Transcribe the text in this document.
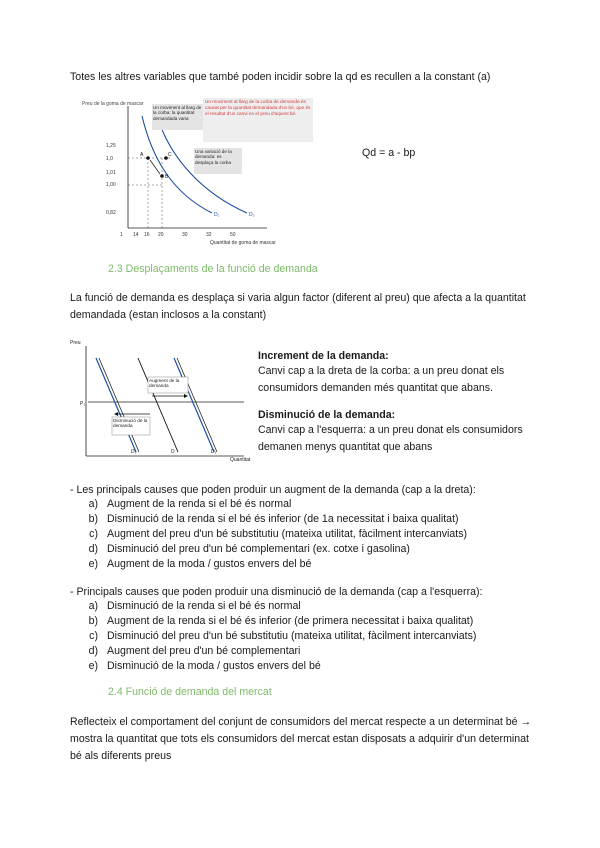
Totes les altres variables que també poden incidir sobre la qd es recullen a la constant (a)

Preu de la goma de mascar
1,25
1,0
1,01
1,00
0,82	D₁	D₂
A	C
B
1 14 16 20	30	32	50
Quantitat de goma de mascar
Un moviment al llarg de la corba: la quantitat demandada varia
Una variació de la demanda: es desplaça la corba
Un moviment al llarg de la corba de demanda és causat per la quantitat demandada d'un bé, que és el resultat d'un canvi en el preu d'aquest bé.

Qd = a - bp

2.3 Desplaçaments de la funció de demanda

La funció de demanda es desplaça si varia algun factor (diferent al preu) que afecta a la quantitat demandada (estan inclosos a la constant)

Preu
Quantitat
P₁
Augment de la demanda
Disminució de la demanda
D₂	D	D₁
Increment de la demanda:

Canvi cap a la dreta de la corba: a un preu donat els consumidors demanden més quantitat que abans.

Disminució de la demanda:

Canvi cap a l'esquerra: a un preu donat els consumidors demanen menys quantitat que abans

- Les principals causes que poden produir un augment de la demanda (cap a la dreta):

a) Augment de la renda si el bé és normal
b) Disminució de la renda si el bé és inferior (de 1a necessitat i baixa qualitat)
c) Augment del preu d'un bé substitutiu (mateixa utilitat, fàcilment intercanviats)
d) Disminució del preu d'un bé complementari (ex. cotxe i gasolina)
e) Augment de la moda / gustos envers del bé

- Principals causes que poden produir una disminució de la demanda (cap a l'esquerra):

a) Disminució de la renda si el bé és normal
b) Augment de la renda si el bé és inferior (de primera necessitat i baixa qualitat)
c) Disminució del preu d'un bé substitutiu (mateixa utilitat, fàcilment intercanviats)
d) Augment del preu d'un bé complementari
e) Disminució de la moda / gustos envers del bé
2.4 Funció de demanda del mercat

Reflecteix el comportament del conjunt de consumidors del mercat respecte a un determinat bé → mostra la quantitat que tots els consumidors del mercat estan disposats a adquirir d'un determinat bé als diferents preus
